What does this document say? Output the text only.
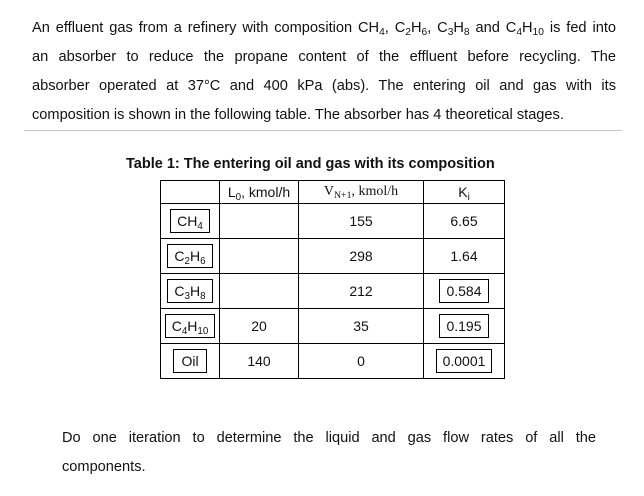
An effluent gas from a refinery with composition $CH_4$, $C_2H_6$, $C_3H_8$ and $C_4H_{10}$ is fed into
an absorber to reduce the propane content of the effluent before recycling. The
absorber operated at 37°C and 400 kPa (abs). The entering oil and gas with its
composition is shown in the following table. The absorber has 4 theoretical stages.
Table 1: The entering oil and gas with its composition
	$L_0$, kmol/h	$V_{N+1}$, kmol/h	$K_i$
$CH_4$		155	6.65
$C_2H_6$		298	1.64
$C_3H_8$		212	0.584
$C_4H_{10}$	20	35	0.195
Oil	140	0	0.0001
Do one iteration to determine the liquid and gas flow rates of all the
components.
